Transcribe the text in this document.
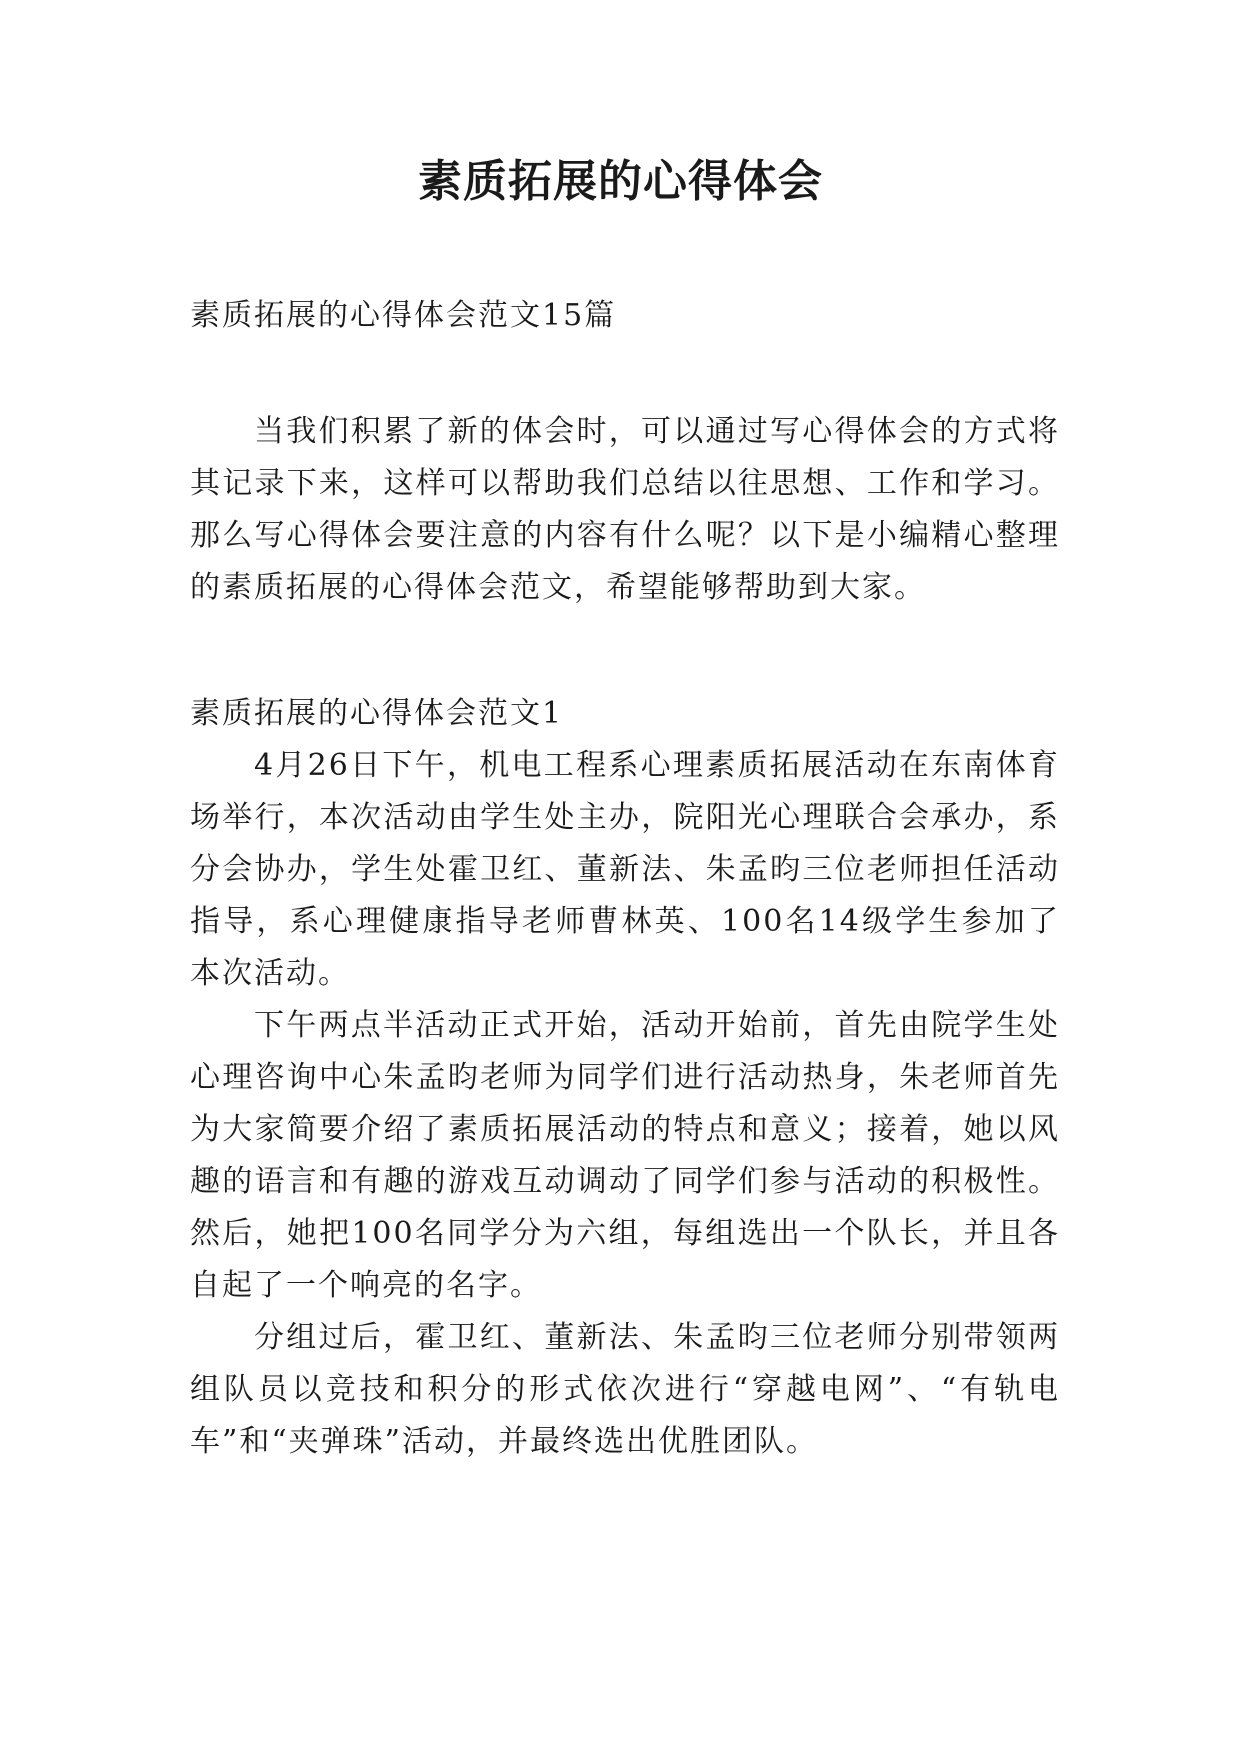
素质拓展的心得体会

素质拓展的心得体会范文15篇

当我们积累了新的体会时，可以通过写心得体会的方式将其记录下来，这样可以帮助我们总结以往思想、工作和学习。那么写心得体会要注意的内容有什么呢？以下是小编精心整理的素质拓展的心得体会范文，希望能够帮助到大家。

素质拓展的心得体会范文1

4月26日下午，机电工程系心理素质拓展活动在东南体育场举行，本次活动由学生处主办，院阳光心理联合会承办，系分会协办，学生处霍卫红、董新法、朱孟昀三位老师担任活动指导，系心理健康指导老师曹林英、100名14级学生参加了本次活动。

下午两点半活动正式开始，活动开始前，首先由院学生处心理咨询中心朱孟昀老师为同学们进行活动热身，朱老师首先为大家简要介绍了素质拓展活动的特点和意义；接着，她以风趣的语言和有趣的游戏互动调动了同学们参与活动的积极性。然后，她把100名同学分为六组，每组选出一个队长，并且各自起了一个响亮的名字。

分组过后，霍卫红、董新法、朱孟昀三位老师分别带领两组队员以竞技和积分的形式依次进行“穿越电网”、“有轨电车”和“夹弹珠”活动，并最终选出优胜团队。
